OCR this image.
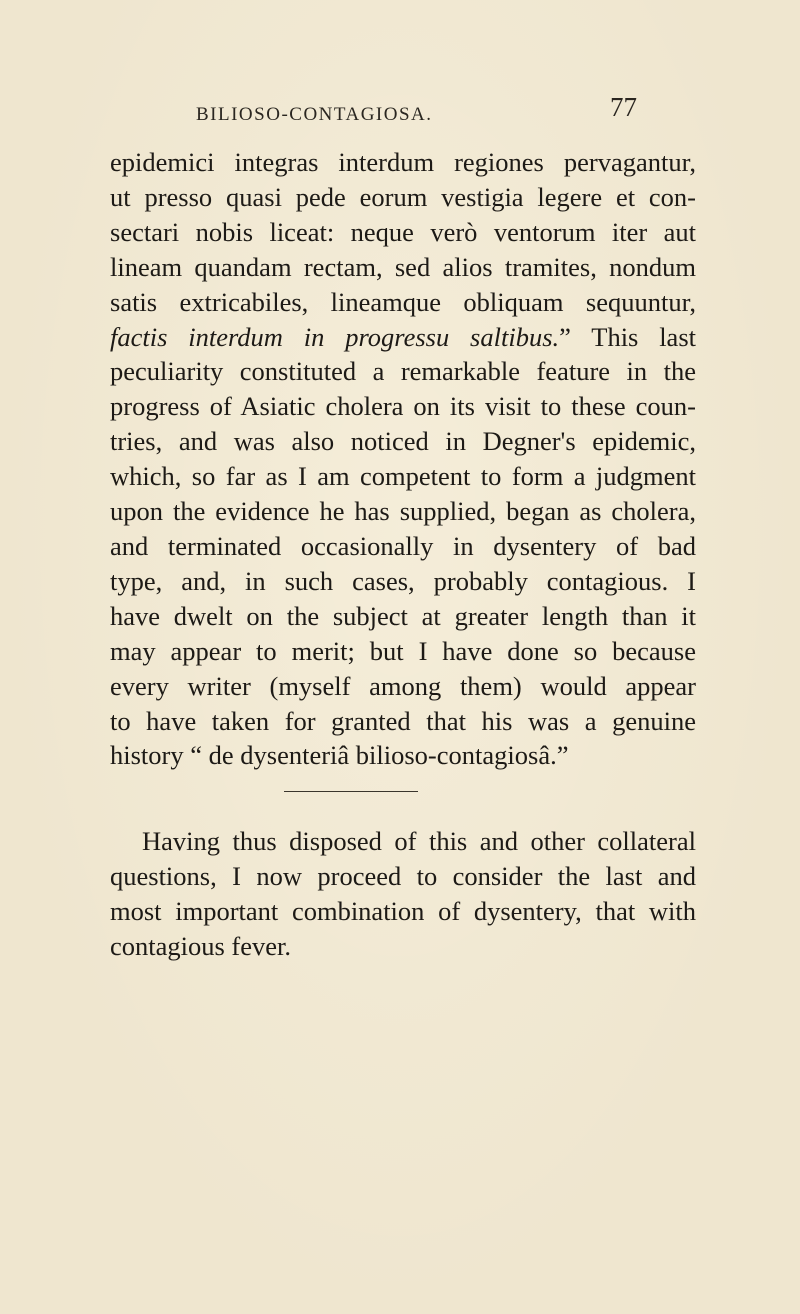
BILIOSO-CONTAGIOSA.	77
epidemici integras interdum regiones pervagantur,
ut presso quasi pede eorum vestigia legere et con-
sectari nobis liceat: neque verò ventorum iter aut
lineam quandam rectam, sed alios tramites, nondum
satis extricabiles, lineamque obliquam sequuntur,
factis interdum in progressu saltibus.” This last
peculiarity constituted a remarkable feature in the
progress of Asiatic cholera on its visit to these coun-
tries, and was also noticed in Degner's epidemic,
which, so far as I am competent to form a judgment
upon the evidence he has supplied, began as cholera,
and terminated occasionally in dysentery of bad
type, and, in such cases, probably contagious. I
have dwelt on the subject at greater length than it
may appear to merit; but I have done so because
every writer (myself among them) would appear
to have taken for granted that his was a genuine
history “ de dysenteriâ bilioso-contagiosâ.”
Having thus disposed of this and other collateral
questions, I now proceed to consider the last and
most important combination of dysentery, that with
contagious fever.
